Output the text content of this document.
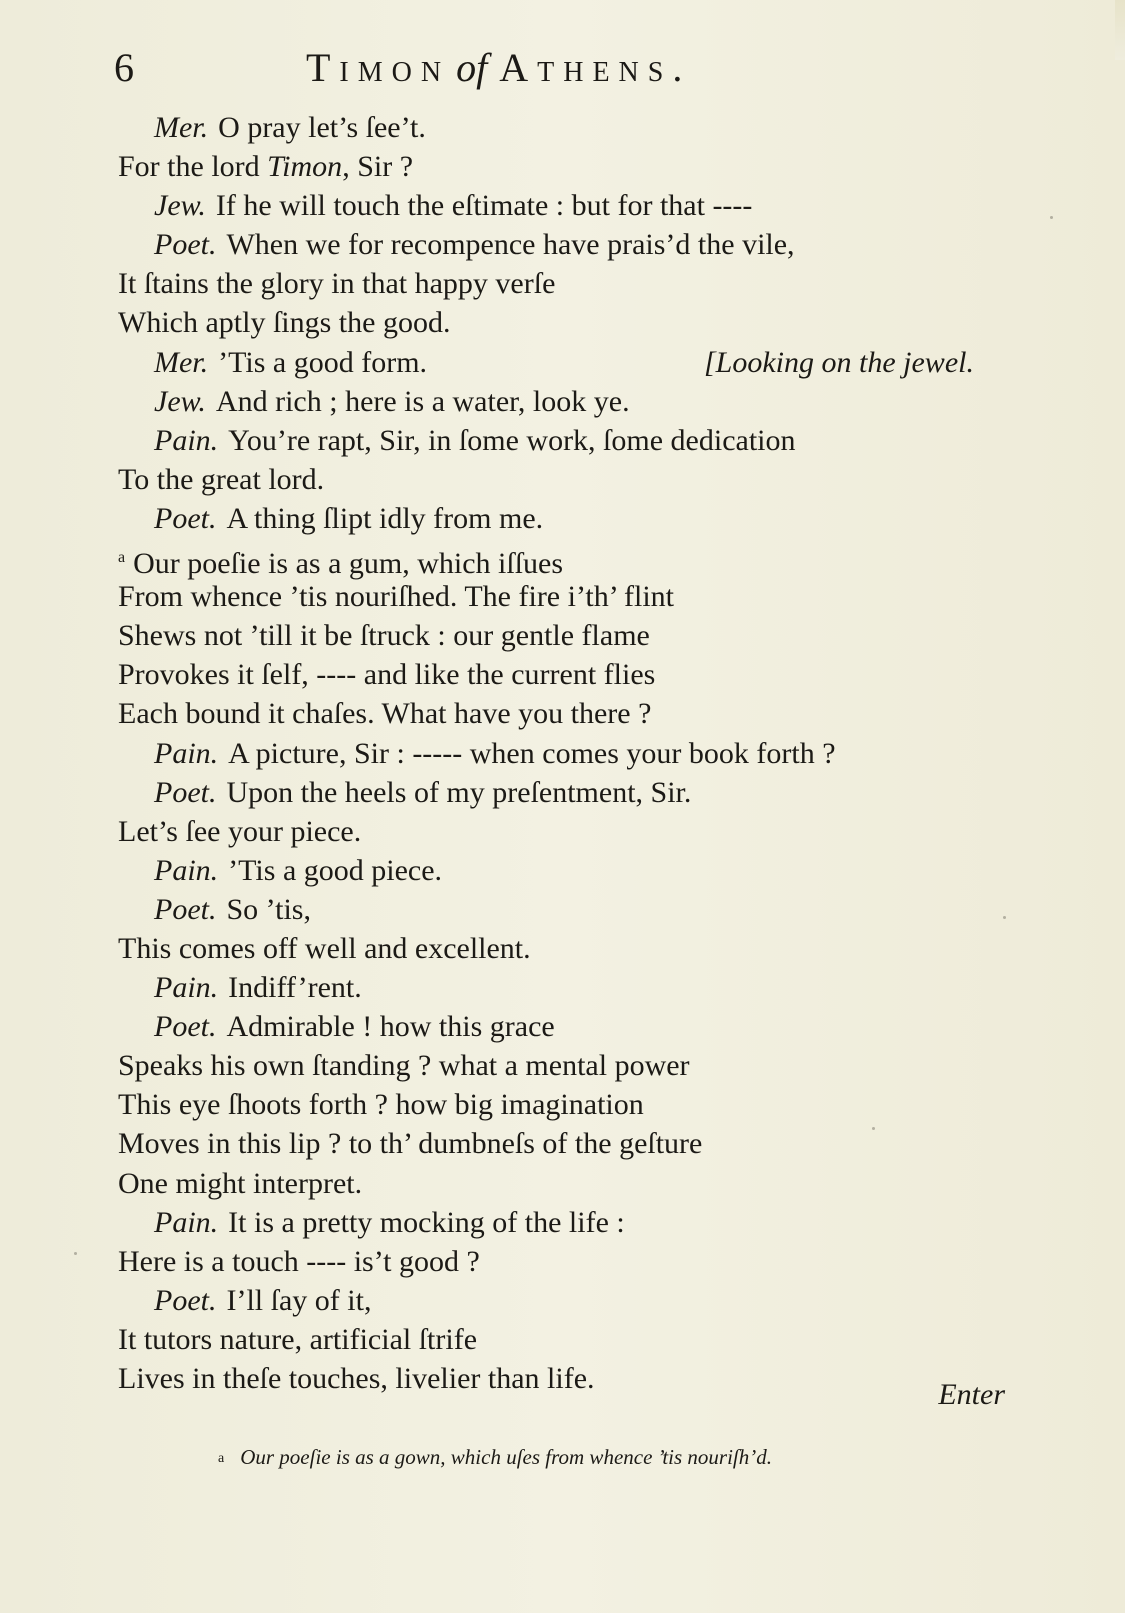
6	Timon of Athens.
Mer. O pray let’s ſee’t.
For the lord Timon, Sir ?
Jew. If he will touch the eſtimate : but for that ----
Poet. When we for recompence have prais’d the vile,
It ſtains the glory in that happy verſe
Which aptly ſings the good.
Mer. ’Tis a good form.	[Looking on the jewel.
Jew. And rich ; here is a water, look ye.
Pain. You’re rapt, Sir, in ſome work, ſome dedication
To the great lord.
Poet. A thing ſlipt idly from me.
$^a$ Our poeſie is as a gum, which iſſues
From whence ’tis nouriſhed. The fire i’th’ flint
Shews not ’till it be ſtruck : our gentle flame
Provokes it ſelf, ---- and like the current flies
Each bound it chaſes. What have you there ?
Pain. A picture, Sir : ----- when comes your book forth ?
Poet. Upon the heels of my preſentment, Sir.
Let’s ſee your piece.
Pain. ’Tis a good piece.
Poet. So ’tis,
This comes off well and excellent.
Pain. Indiff’rent.
Poet. Admirable ! how this grace
Speaks his own ſtanding ? what a mental power
This eye ſhoots forth ? how big imagination
Moves in this lip ? to th’ dumbneſs of the geſture
One might interpret.
Pain. It is a pretty mocking of the life :
Here is a touch ---- is’t good ?
Poet. I’ll ſay of it,
It tutors nature, artificial ſtrife
Lives in theſe touches, livelier than life.	Enter
a Our poeſie is as a gown, which uſes from whence ’tis nouriſh’d.
